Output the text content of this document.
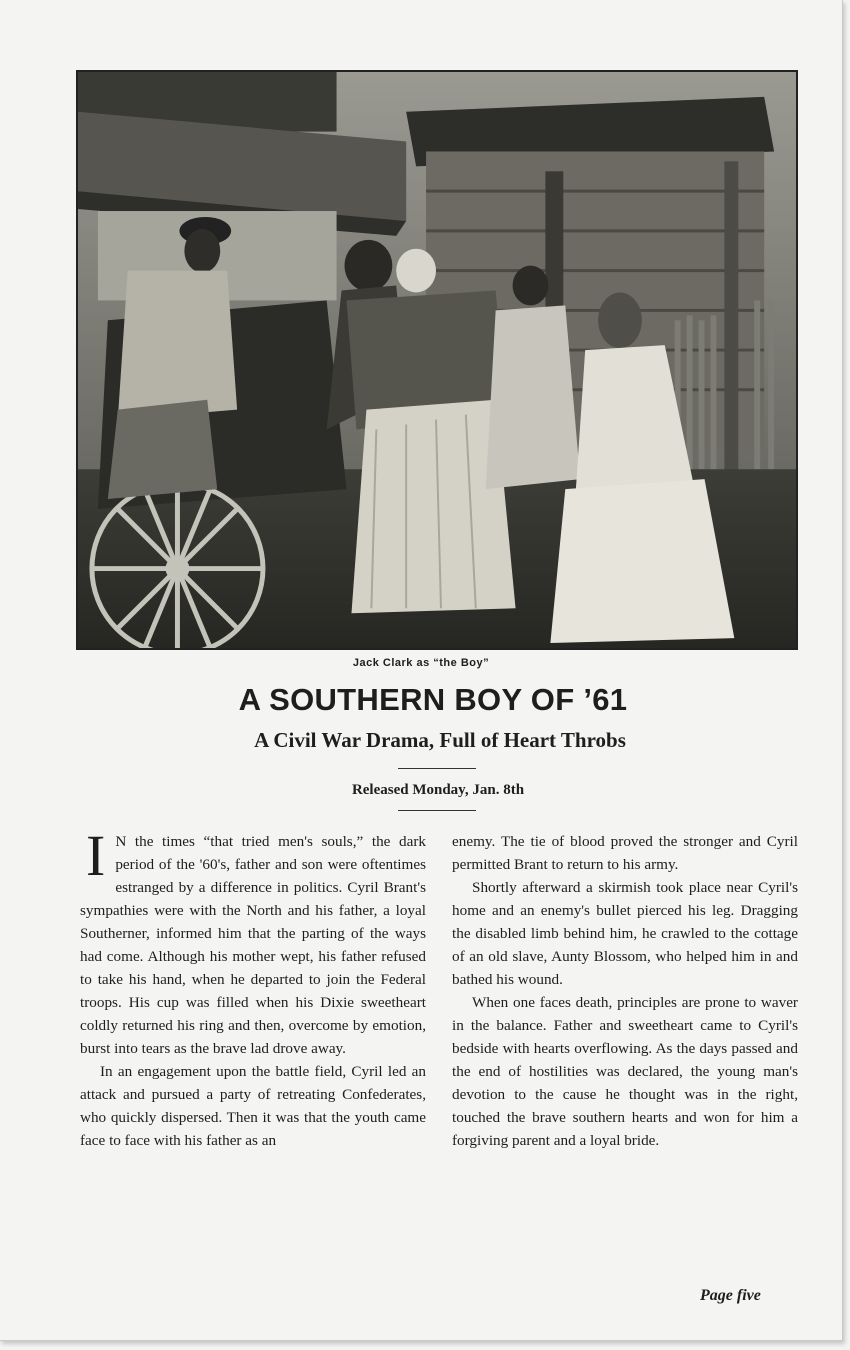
Jack Clark as “the Boy”
A SOUTHERN BOY OF ’61
A Civil War Drama, Full of Heart Throbs
Released Monday, Jan. 8th

I N the times “that tried men's souls,” the dark period of the '60's, father and son were oftentimes estranged by a difference in politics. Cyril Brant's sympathies were with the North and his father, a loyal Southerner, informed him that the parting of the ways had come. Although his mother wept, his father refused to take his hand, when he departed to join the Federal troops. His cup was filled when his Dixie sweetheart coldly returned his ring and then, overcome by emotion, burst into tears as the brave lad drove away.

In an engagement upon the battle field, Cyril led an attack and pursued a party of retreating Confederates, who quickly dispersed. Then it was that the youth came face to face with his father as an

enemy. The tie of blood proved the stronger and Cyril permitted Brant to return to his army.

Shortly afterward a skirmish took place near Cyril's home and an enemy's bullet pierced his leg. Dragging the disabled limb behind him, he crawled to the cottage of an old slave, Aunty Blossom, who helped him in and bathed his wound.

When one faces death, principles are prone to waver in the balance. Father and sweetheart came to Cyril's bedside with hearts overflowing. As the days passed and the end of hostilities was declared, the young man's devotion to the cause he thought was in the right, touched the brave southern hearts and won for him a forgiving parent and a loyal bride.

Page five
